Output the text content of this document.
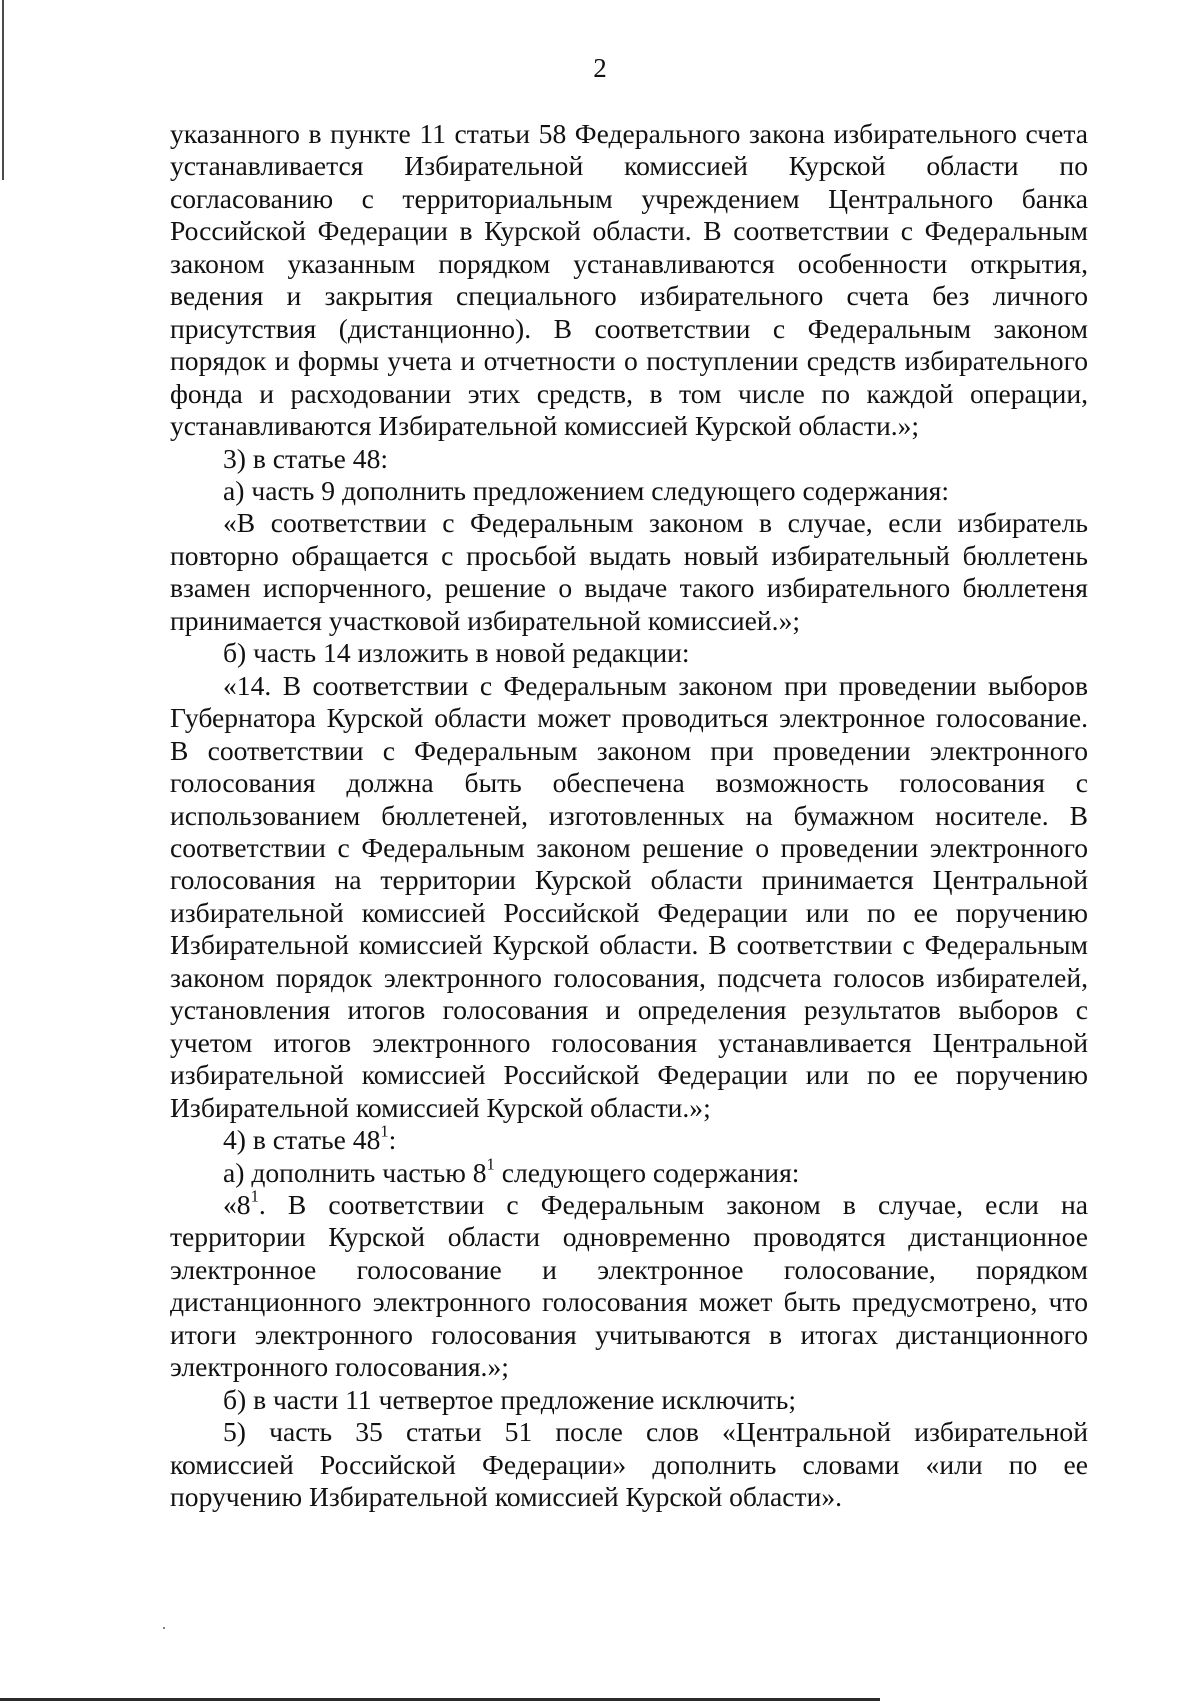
2

указанного в пункте 11 статьи 58 Федерального закона избирательного счета устанавливается Избирательной комиссией Курской области по согласованию с территориальным учреждением Центрального банка Российской Федерации в Курской области. В соответствии с Федеральным законом указанным порядком устанавливаются особенности открытия, ведения и закрытия специального избирательного счета без личного присутствия (дистанционно). В соответствии с Федеральным законом порядок и формы учета и отчетности о поступлении средств избирательного фонда и расходовании этих средств, в том числе по каждой операции, устанавливаются Избирательной комиссией Курской области.»;

3) в статье 48:

а) часть 9 дополнить предложением следующего содержания:

«В соответствии с Федеральным законом в случае, если избиратель повторно обращается с просьбой выдать новый избирательный бюллетень взамен испорченного, решение о выдаче такого избирательного бюллетеня принимается участковой избирательной комиссией.»;

б) часть 14 изложить в новой редакции:

«14. В соответствии с Федеральным законом при проведении выборов Губернатора Курской области может проводиться электронное голосование. В соответствии с Федеральным законом при проведении электронного голосования должна быть обеспечена возможность голосования с использованием бюллетеней, изготовленных на бумажном носителе. В соответствии с Федеральным законом решение о проведении электронного голосования на территории Курской области принимается Центральной избирательной комиссией Российской Федерации или по ее поручению Избирательной комиссией Курской области. В соответствии с Федеральным законом порядок электронного голосования, подсчета голосов избирателей, установления итогов голосования и определения результатов выборов с учетом итогов электронного голосования устанавливается Центральной избирательной комиссией Российской Федерации или по ее поручению Избирательной комиссией Курской области.»;

4) в статье $48^1$:

а) дополнить частью $8^1$ следующего содержания:

«$8^1$. В соответствии с Федеральным законом в случае, если на территории Курской области одновременно проводятся дистанционное электронное голосование и электронное голосование, порядком дистанционного электронного голосования может быть предусмотрено, что итоги электронного голосования учитываются в итогах дистанционного электронного голосования.»;

б) в части 11 четвертое предложение исключить;

5) часть 35 статьи 51 после слов «Центральной избирательной комиссией Российской Федерации» дополнить словами «или по ее поручению Избирательной комиссией Курской области».
